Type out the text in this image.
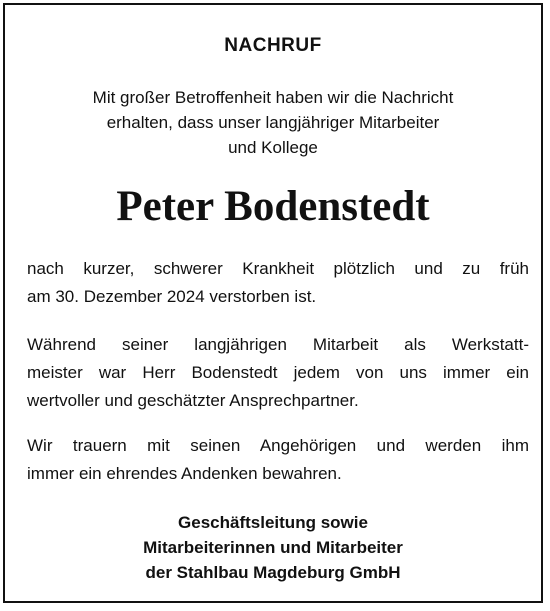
NACHRUF
Mit großer Betroffenheit haben wir die Nachricht
erhalten, dass unser langjähriger Mitarbeiter
und Kollege
Peter Bodenstedt
nach kurzer, schwerer Krankheit plötzlich und zu früh
am 30. Dezember 2024 verstorben ist.
Während seiner langjährigen Mitarbeit als Werkstatt-
meister war Herr Bodenstedt jedem von uns immer ein
wertvoller und geschätzter Ansprechpartner.
Wir trauern mit seinen Angehörigen und werden ihm
immer ein ehrendes Andenken bewahren.
Geschäftsleitung sowie
Mitarbeiterinnen und Mitarbeiter
der Stahlbau Magdeburg GmbH
